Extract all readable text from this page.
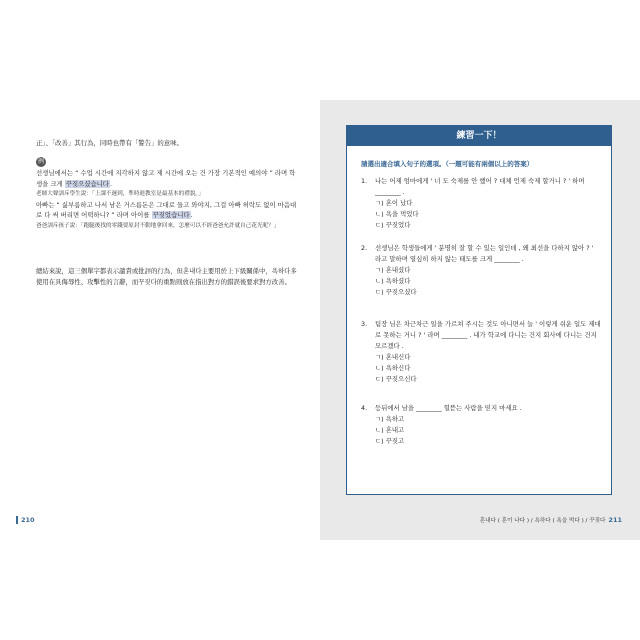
正」、「改善」其行為，同時也帶有「警告」的意味。
例
선생님에서는 “ 수업 시간에 지각하지 않고 제 시간에 오는 건 가장 기본적인 예의야 ” 라며 학생을 크게 꾸짖으셨습니다.
老師大聲訓斥學生說：「上課不遲到，準時進教室是最基本的禮貌。」
아빠는 “ 싫부름하고 나서 남은 거스름돈은 그대로 들고 와야지, 그걸 아빠 허락도 없이 마음대로 다 써 버리면 어떡하니? ” 라며 아이를 꾸짖었습니다.
爸爸訓斥孩子說：「跑腿後找的零錢要原封不動地拿回來，怎麼可以不經爸爸允許就自己花光呢？」
總結來說，這三個單字都表示譴責或批評的行為，但혼내다主要用於上下級關係中，욕하다多使用在具侮辱性、攻擊性的言辭，而꾸짖다的重點則放在指出對方的錯誤後要求對方改善。
210
練習一下！
請選出適合填入句子的選項。（一題可能有兩個以上的答案）
1.	나는 어제 엄마에게 ' 너 도 숙제를 안 했어 ? 대체 언제 숙제 할거니 ? ' 하며 ________ .
ㄱ) 혼이 났다
ㄴ) 욕을 먹었다
ㄷ) 꾸짖었다
2.	선생님은 학생들에게 ' 분명히 잘 할 수 있는 일인데 , 왜 최선을 다하지 않아 ? ' 라고 말하며 열심히 하지 않는 태도를 크게 ________ .
ㄱ) 혼내셨다
ㄴ) 욕하셨다
ㄷ) 꾸짖으셨다
3.	팀장 님은 차근차근 일을 가르쳐 주시는 것도 아니면서 늘 ' 이렇게 쉬운 일도 제대로 못하는 거니 ? ' 라며 ________ . 내가 학교에 다니는 건지 회사에 다니는 건지 모르겠다 .
ㄱ) 혼내신다
ㄴ) 욕하신다
ㄷ) 꾸짖으신다
4.	등뒤에서 남을 ________ 헐뜯는 사람을 믿지 마세요 .
ㄱ) 욕하고
ㄴ) 혼내고
ㄷ) 꾸짖고
혼내다 ( 혼이 나다 ) / 욕하다 ( 욕을 먹다 ) / 꾸짖다 211
